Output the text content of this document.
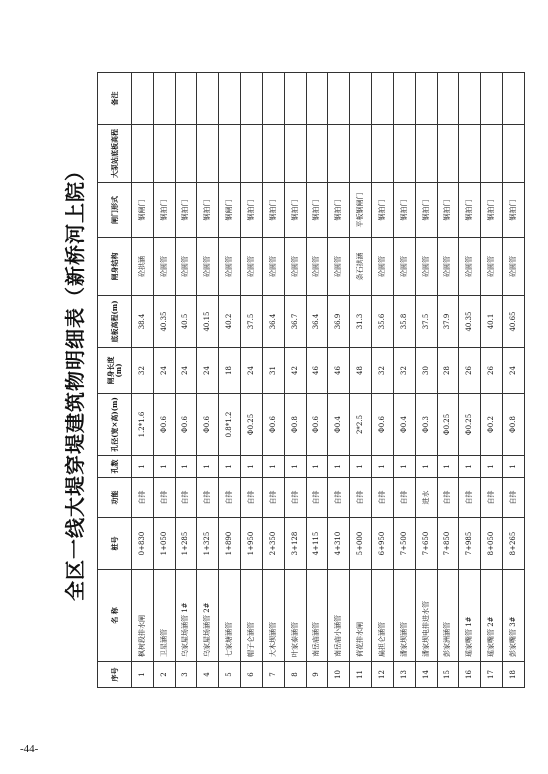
-44-
全区一线大堤穿堤建筑物明细表（新桥河上院）
序号	名 称	桩号	功能	孔数	孔径(宽×高)(m)	闸身长度(m)	底板高程(m)	闸身结构	闸门形式	大泵站底板高程	备注
1	枫树段排水闸	0+830	自排	1	1.2*1.6	32	38.4	砼拱涵	钢闸门		
2	卫星涵管	1+050	自排	1	Φ0.6	24	40.35	砼圆管	钢拍门		
3	乌家屋场涵管 1#	1+285	自排	1	Φ0.6	24	40.5	砼圆管	钢拍门		
4	乌家屋场涵管 2#	1+325	自排	1	Φ0.6	24	40.15	砼圆管	钢拍门		
5	七家塘涵管	1+890	自排	1	0.8*1.2	18	40.2	砼圆管	钢闸门		
6	帽子仑涵管	1+950	自排	1	Φ0.25	24	37.5	砼圆管	钢拍门		
7	大木坝涵管	2+350	自排	1	Φ0.6	31	36.4	砼圆管	钢拍门		
8	叶家泰涵管	3+128	自排	1	Φ0.8	42	36.7	砼圆管	钢拍门		
9	南岳庙涵管	4+115	自排	1	Φ0.6	46	36.4	砼圆管	钢拍门		
10	南岳庙小涵管	4+310	自排	1	Φ0.4	46	36.9	砼圆管	钢拍门		
11	荷花排水闸	5+000	自排	1	2*2.5	48	31.3	条石拱涵	平板钢闸门		
12	扁担仑涵管	6+950	自排	1	Φ0.6	32	35.6	砼圆管	钢拍门		
13	潘家坝涵管	7+500	自排	1	Φ0.4	32	35.8	砼圆管	钢拍门		
14	潘家坝电排进水管	7+650	进水	1	Φ0.3	30	37.5	砼圆管	钢拍门		
15	彭家洲涵管	7+850	自排	1	Φ0.25	28	37.9	砼圆管	钢拍门		
16	瑶家嘴管 1#	7+985	自排	1	Φ0.25	26	40.35	砼圆管	钢拍门		
17	瑶家嘴管 2#	8+050	自排	1	Φ0.2	26	40.1	砼圆管	钢拍门		
18	彭家嘴管 3#	8+265	自排	1	Φ0.8	24	40.65	砼圆管	钢拍门		
